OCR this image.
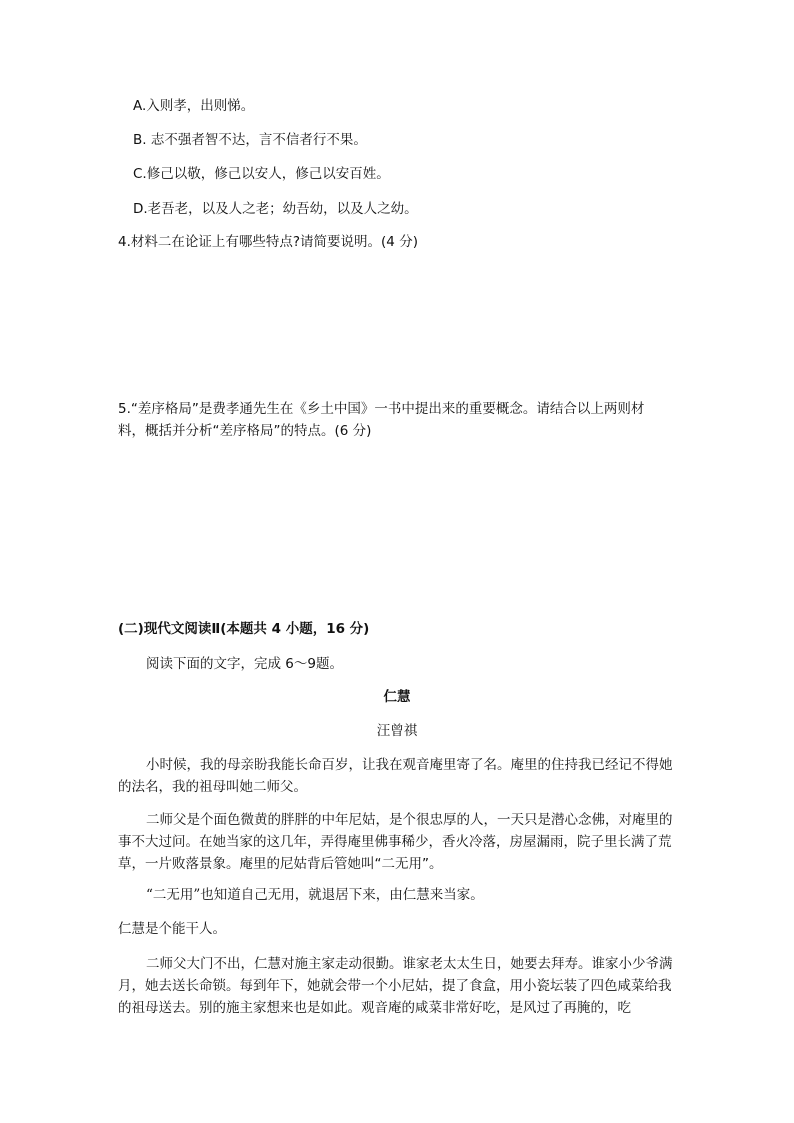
A.入则孝，出则悌。
B. 志不强者智不达，言不信者行不果。
C.修己以敬，修己以安人，修己以安百姓。
D.老吾老，以及人之老；幼吾幼，以及人之幼。
4.材料二在论证上有哪些特点?请简要说明。(4 分)
5.“差序格局”是费孝通先生在《乡土中国》一书中提出来的重要概念。请结合以上两则材
料，概括并分析“差序格局”的特点。(6 分)
(二)现代文阅读Ⅱ(本题共 4 小题，16 分)
阅读下面的文字，完成 6～9题。
仁慧
汪曾祺
小时候，我的母亲盼我能长命百岁，让我在观音庵里寄了名。庵里的住持我已经记不得她的法名，我的祖母叫她二师父。
二师父是个面色微黄的胖胖的中年尼姑，是个很忠厚的人，一天只是潜心念佛，对庵里的事不大过问。在她当家的这几年，弄得庵里佛事稀少，香火冷落，房屋漏雨，院子里长满了荒草，一片败落景象。庵里的尼姑背后管她叫“二无用”。
“二无用”也知道自己无用，就退居下来，由仁慧来当家。
仁慧是个能干人。
二师父大门不出，仁慧对施主家走动很勤。谁家老太太生日，她要去拜寿。谁家小少爷满月，她去送长命锁。每到年下，她就会带一个小尼姑，提了食盒，用小瓷坛装了四色咸菜给我的祖母送去。别的施主家想来也是如此。观音庵的咸菜非常好吃，是风过了再腌的，吃
